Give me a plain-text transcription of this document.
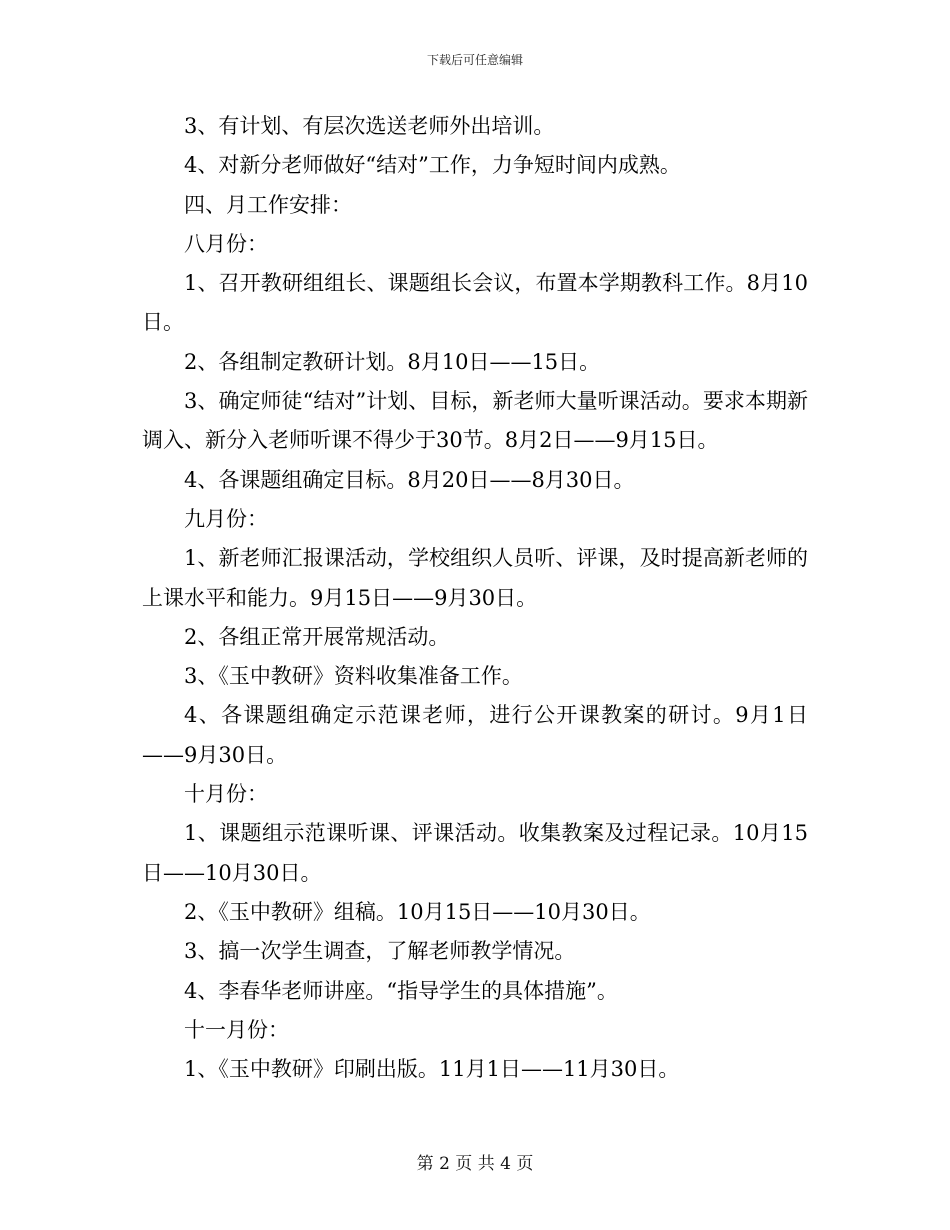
下载后可任意编辑

3、有计划、有层次选送老师外出培训。

4、对新分老师做好“结对”工作，力争短时间内成熟。

四、月工作安排：

八月份：

1、召开教研组组长、课题组长会议，布置本学期教科工作。8月10日。

2、各组制定教研计划。8月10日——15日。

3、确定师徒“结对”计划、目标，新老师大量听课活动。要求本期新调入、新分入老师听课不得少于30节。8月2日——9月15日。

4、各课题组确定目标。8月20日——8月30日。

九月份：

1、新老师汇报课活动，学校组织人员听、评课，及时提高新老师的上课水平和能力。9月15日——9月30日。

2、各组正常开展常规活动。

3、《玉中教研》资料收集准备工作。

4、各课题组确定示范课老师，进行公开课教案的研讨。9月1日——9月30日。

十月份：

1、课题组示范课听课、评课活动。收集教案及过程记录。10月15日——10月30日。

2、《玉中教研》组稿。10月15日——10月30日。

3、搞一次学生调查，了解老师教学情况。

4、李春华老师讲座。“指导学生的具体措施”。

十一月份：

1、《玉中教研》印刷出版。11月1日——11月30日。

第 2 页 共 4 页
